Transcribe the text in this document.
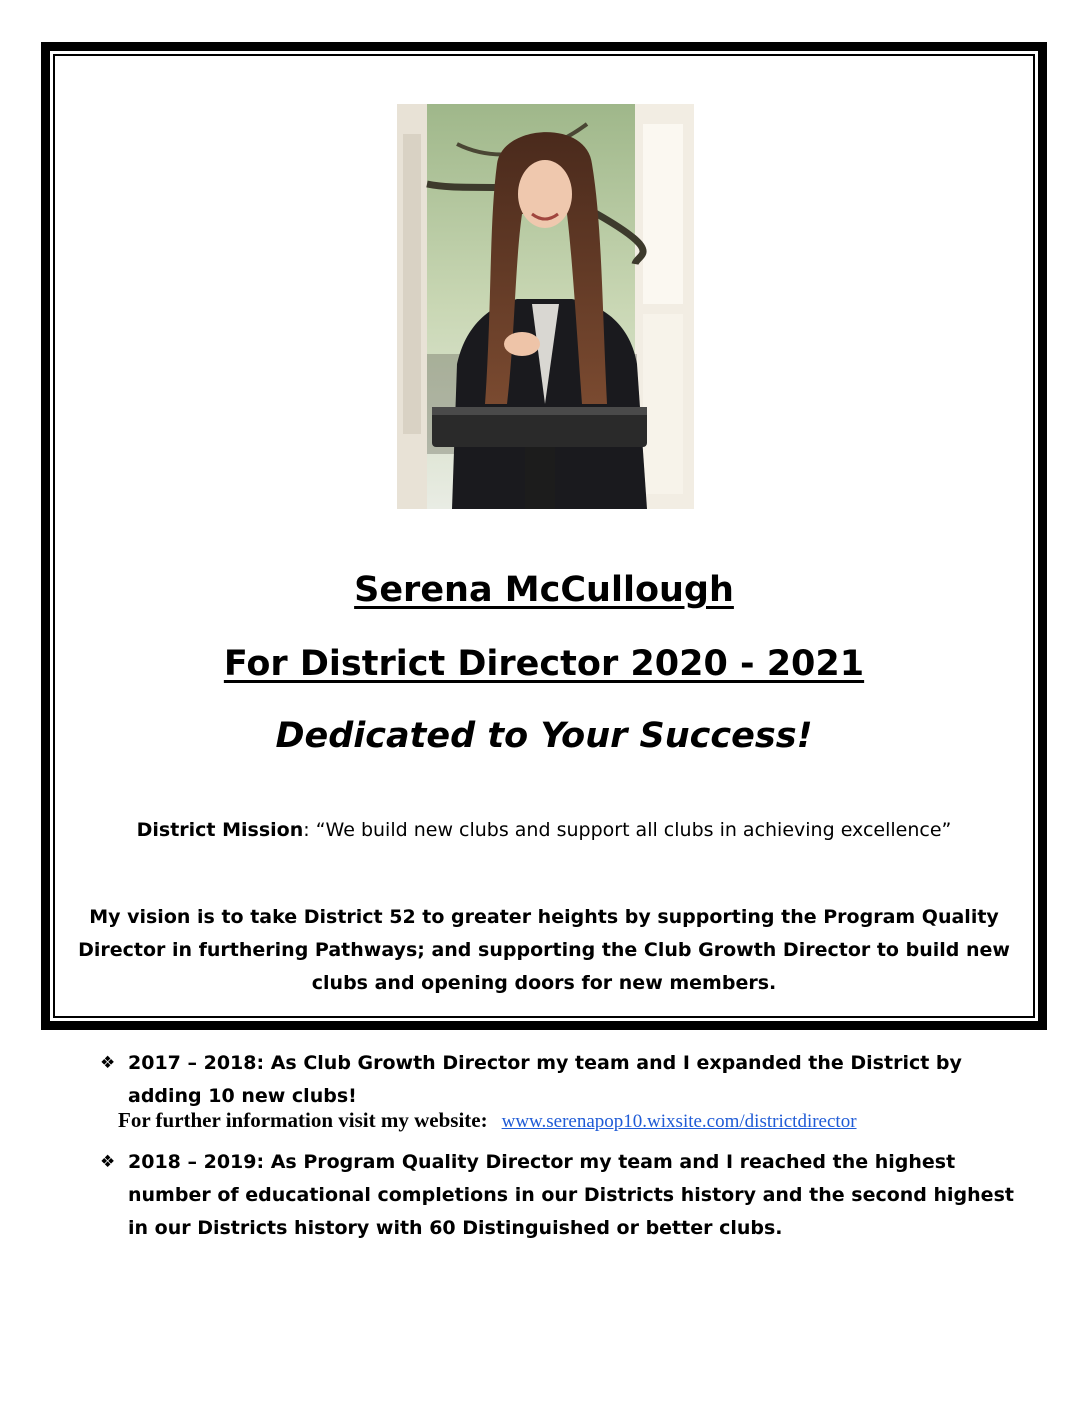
Serena McCullough
For District Director 2020 - 2021
Dedicated to Your Success!
District Mission: “We build new clubs and support all clubs in achieving excellence”
My vision is to take District 52 to greater heights by supporting the Program Quality Director in furthering Pathways; and supporting the Club Growth Director to build new clubs and opening doors for new members.
❖ 2017 – 2018: As Club Growth Director my team and I expanded the District by adding 10 new clubs!
❖ 2018 – 2019: As Program Quality Director my team and I reached the highest number of educational completions in our Districts history and the second highest in our Districts history with 60 Distinguished or better clubs.
For further information visit my website: www.serenapop10.wixsite.com/districtdirector
